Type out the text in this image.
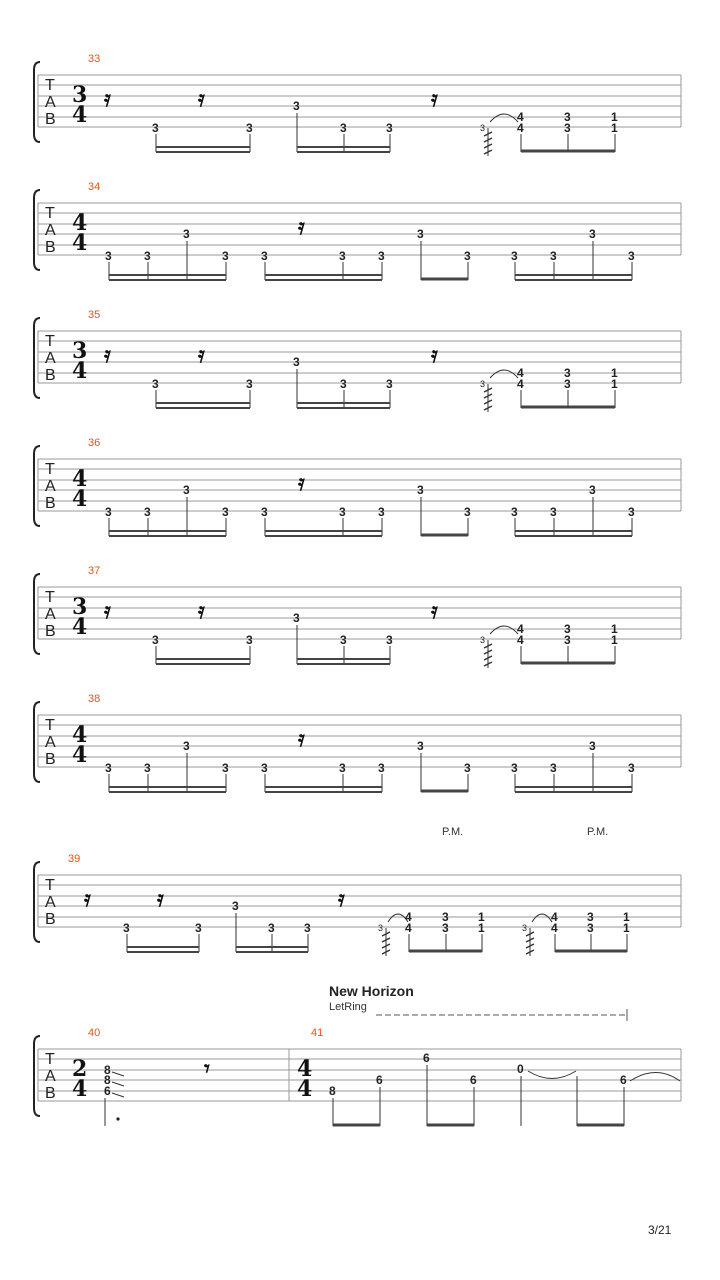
33
T
A
B
3
4
𝄿	𝄿	𝄿
3	3
3
3	3	3
4
4
3
3
1
1
34
T
A
B
4
4 3	3
3
3	3
𝄿
3	3
3
3	3	3
3
3
35
T
A
B
3
4
𝄿	𝄿	𝄿
3	3
3
3	3	3
4
4
3
3
1
1
36
T
A
B
4
4 3	3
3
3	3
𝄿
3	3
3
3	3	3
3
3
37
T
A
B
3
4
𝄿	𝄿	𝄿
3	3
3
3	3	3
4
4
3
3
1
1
38
T
A
B
4
4 3	3
3
3	3
𝄿
3	3
3
3	3	3
3
3
P.M.	P.M.
39
T
A
B
𝄿	𝄿	𝄿
3	3
3
3 3	3
4
4
3
3
1
1	3
4
4
3
3
1
1
New Horizon
LetRing
40	41
T
A
B
2
4
8
8
6
𝄾	4
4 8
6
6
6
0
6
3/21
